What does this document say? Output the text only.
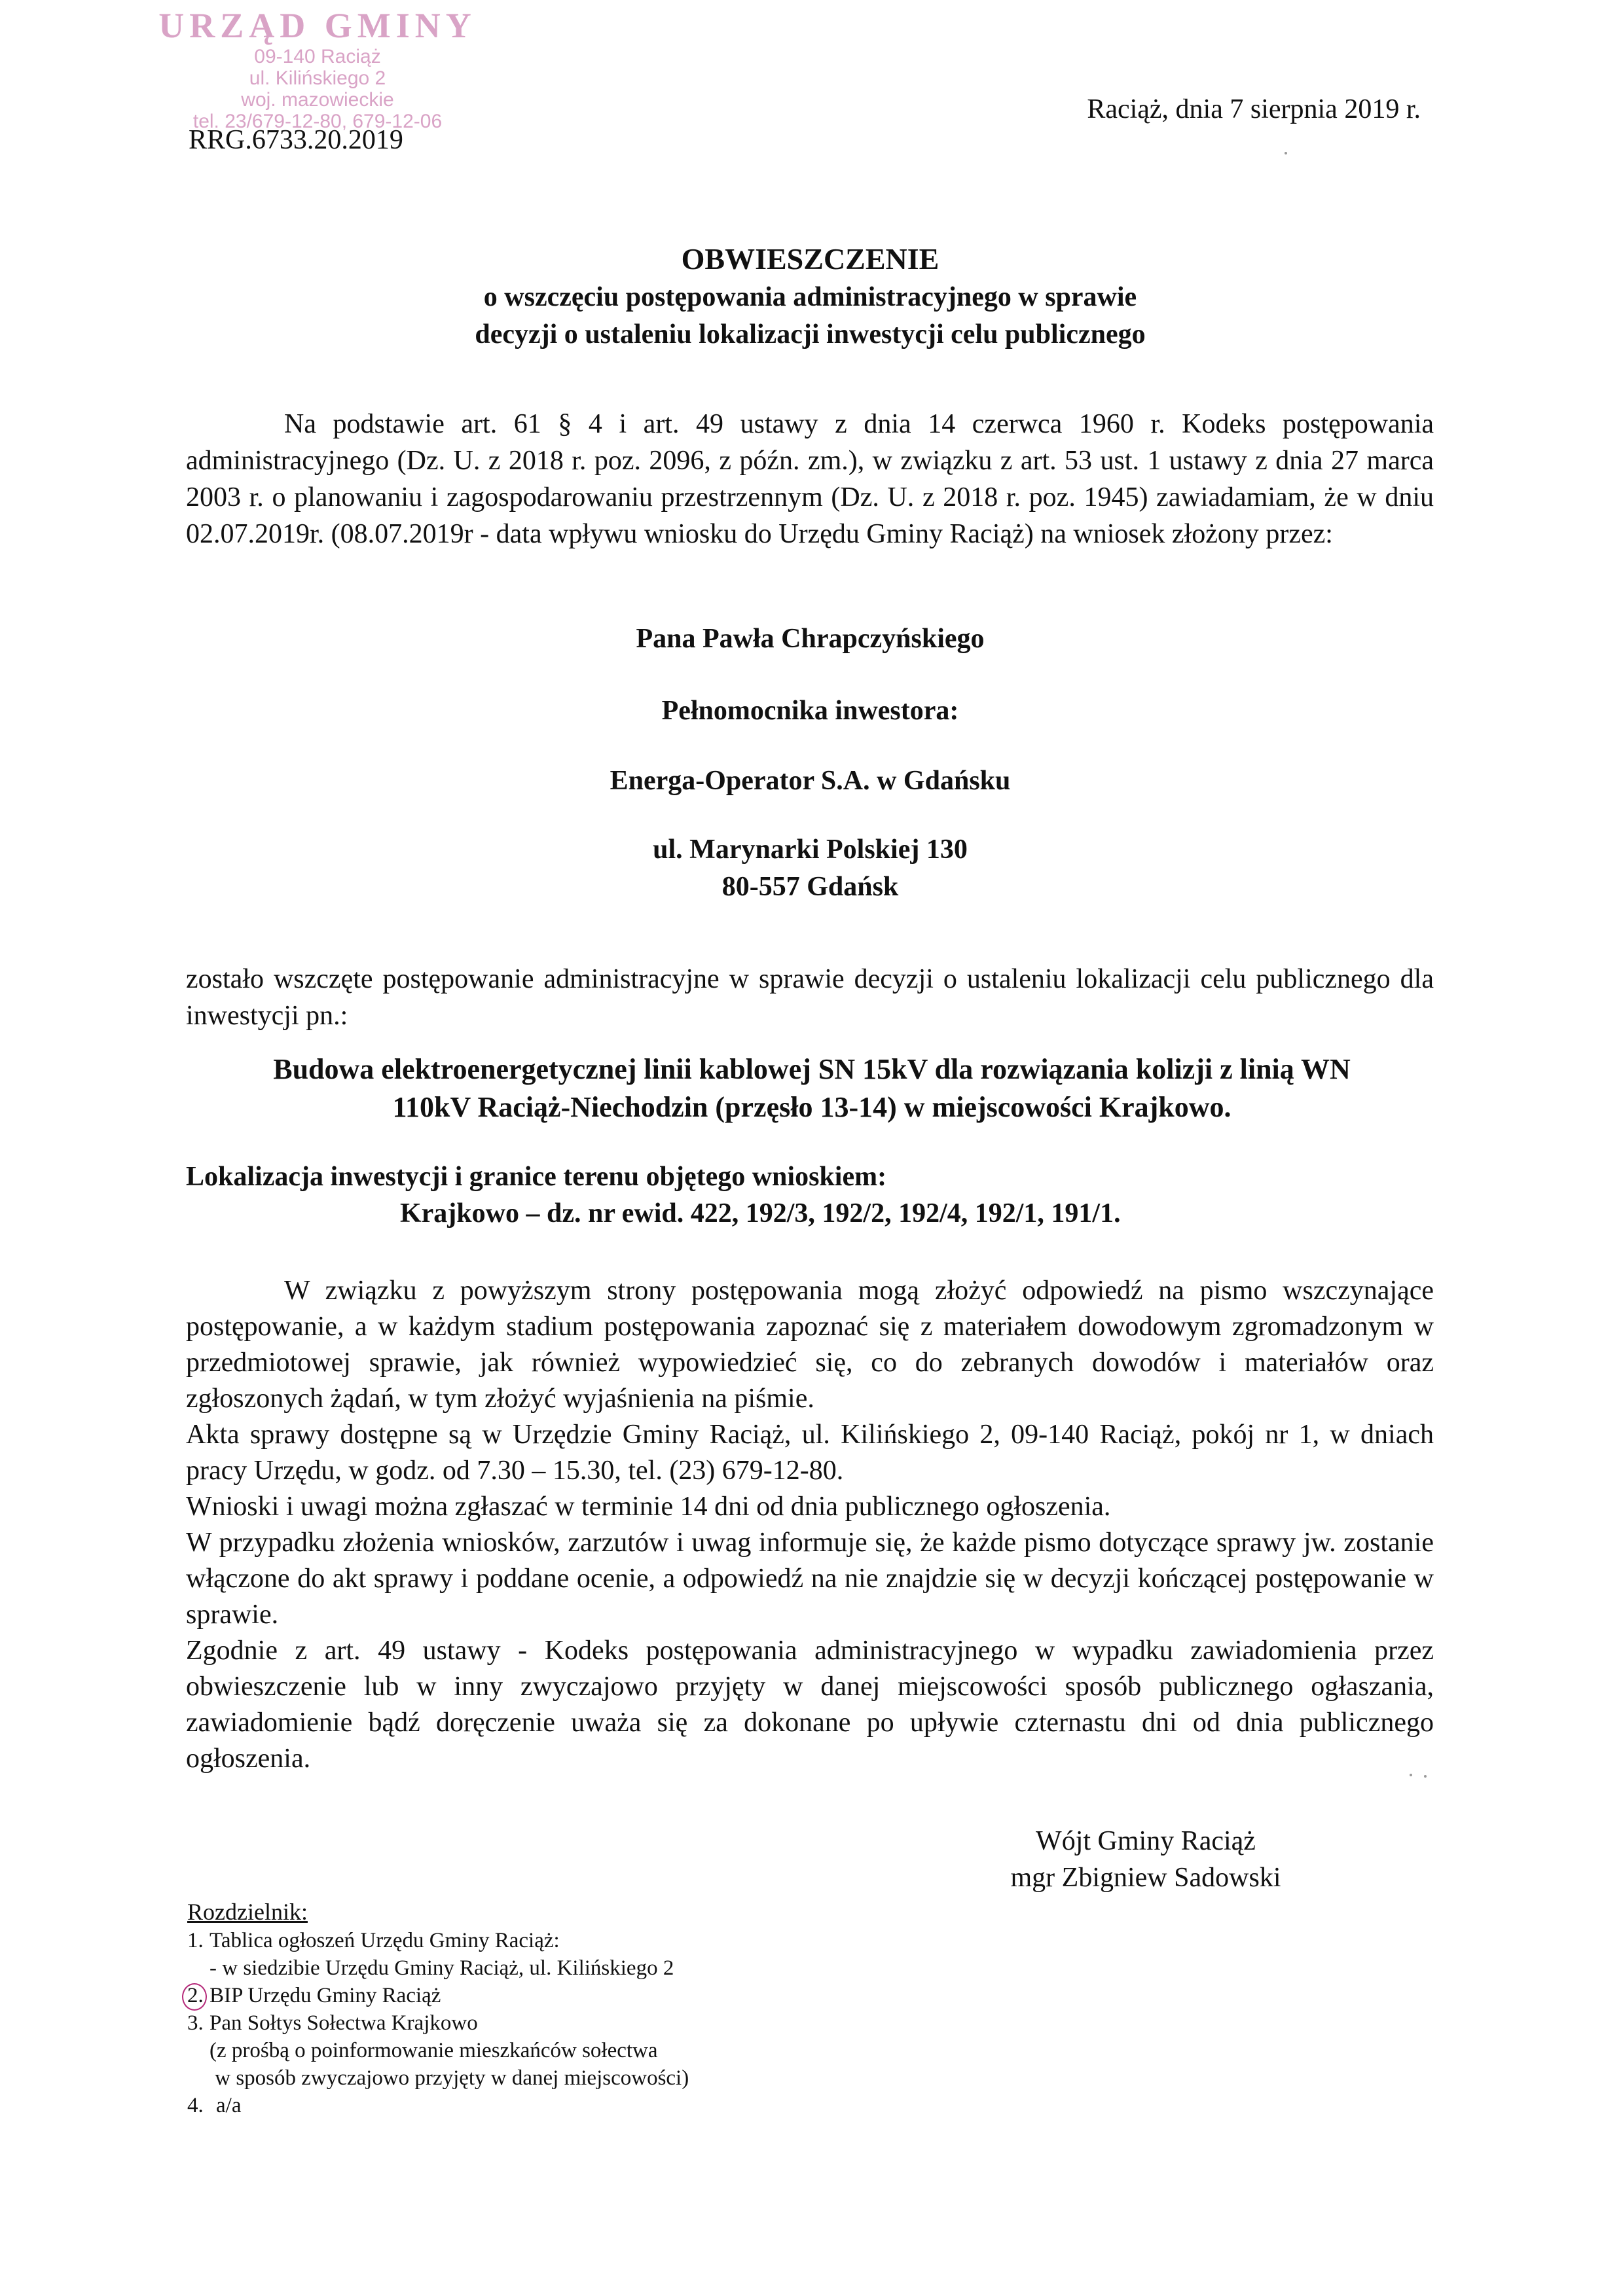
URZĄD GMINY
09-140 Raciąż
ul. Kilińskiego 2
woj. mazowieckie
tel. 23/679-12-80, 679-12-06
RRG.6733.20.2019
Raciąż, dnia 7 sierpnia 2019 r.
OBWIESZCZENIE
o wszczęciu postępowania administracyjnego w sprawie
decyzji o ustaleniu lokalizacji inwestycji celu publicznego
Na podstawie art. 61 § 4 i art. 49 ustawy z dnia 14 czerwca 1960 r. Kodeks postępowania administracyjnego (Dz. U. z 2018 r. poz. 2096, z późn. zm.), w związku z art. 53 ust. 1 ustawy z dnia 27 marca 2003 r. o planowaniu i zagospodarowaniu przestrzennym (Dz. U. z 2018 r. poz. 1945) zawiadamiam, że w dniu 02.07.2019r. (08.07.2019r - data wpływu wniosku do Urzędu Gminy Raciąż) na wniosek złożony przez:
Pana Pawła Chrapczyńskiego
Pełnomocnika inwestora:
Energa-Operator S.A. w Gdańsku
ul. Marynarki Polskiej 130
80-557 Gdańsk
zostało wszczęte postępowanie administracyjne w sprawie decyzji o ustaleniu lokalizacji celu publicznego dla inwestycji pn.:
Budowa elektroenergetycznej linii kablowej SN 15kV dla rozwiązania kolizji z linią WN
110kV Raciąż-Niechodzin (przęsło 13-14) w miejscowości Krajkowo.
Lokalizacja inwestycji i granice terenu objętego wnioskiem:
Krajkowo – dz. nr ewid. 422, 192/3, 192/2, 192/4, 192/1, 191/1.

W związku z powyższym strony postępowania mogą złożyć odpowiedź na pismo wszczynające postępowanie, a w każdym stadium postępowania zapoznać się z materiałem dowodowym zgromadzonym w przedmiotowej sprawie, jak również wypowiedzieć się, co do zebranych dowodów i materiałów oraz zgłoszonych żądań, w tym złożyć wyjaśnienia na piśmie.

Akta sprawy dostępne są w Urzędzie Gminy Raciąż, ul. Kilińskiego 2, 09-140 Raciąż, pokój nr 1, w dniach pracy Urzędu, w godz. od 7.30 – 15.30, tel. (23) 679-12-80.

Wnioski i uwagi można zgłaszać w terminie 14 dni od dnia publicznego ogłoszenia.

W przypadku złożenia wniosków, zarzutów i uwag informuje się, że każde pismo dotyczące sprawy jw. zostanie włączone do akt sprawy i poddane ocenie, a odpowiedź na nie znajdzie się w decyzji kończącej postępowanie w sprawie.

Zgodnie z art. 49 ustawy - Kodeks postępowania administracyjnego w wypadku zawiadomienia przez obwieszczenie lub w inny zwyczajowo przyjęty w danej miejscowości sposób publicznego ogłaszania, zawiadomienie bądź doręczenie uważa się za dokonane po upływie czternastu dni od dnia publicznego ogłoszenia.

Wójt Gminy Raciąż
mgr Zbigniew Sadowski
Rozdzielnik:
1. Tablica ogłoszeń Urzędu Gminy Raciąż:
- w siedzibie Urzędu Gminy Raciąż, ul. Kilińskiego 2
2. BIP Urzędu Gminy Raciąż
3. Pan Sołtys Sołectwa Krajkowo
(z prośbą o poinformowanie mieszkańców sołectwa
w sposób zwyczajowo przyjęty w danej miejscowości)
4. a/a
